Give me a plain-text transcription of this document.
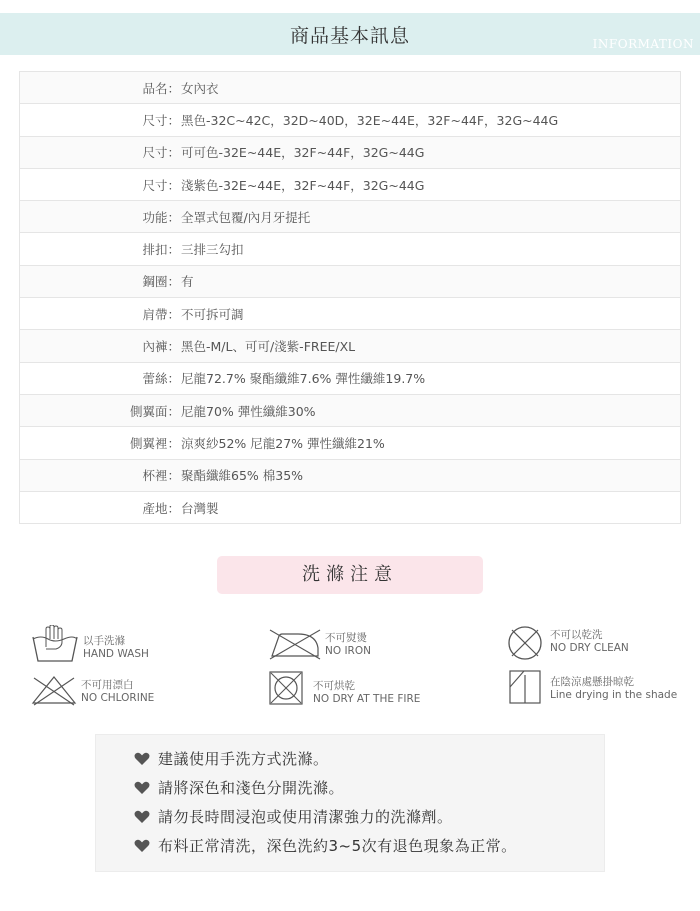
商品基本訊息	INFORMATION
品名： 女內衣
尺寸： 黑色-32C~42C，32D~40D，32E~44E，32F~44F，32G~44G
尺寸： 可可色-32E~44E，32F~44F，32G~44G
尺寸： 淺紫色-32E~44E，32F~44F，32G~44G
功能： 全罩式包覆/內月牙提托
排扣： 三排三勾扣
鋼圈： 有
肩帶： 不可拆可調
內褲： 黑色-M/L、可可/淺紫-FREE/XL
蕾絲： 尼龍72.7% 聚酯纖維7.6% 彈性纖維19.7%
側翼面： 尼龍70% 彈性纖維30%
側翼裡： 涼爽紗52% 尼龍27% 彈性纖維21%
杯裡： 聚酯纖維65% 棉35%
產地： 台灣製
洗滌注意
以手洗滌
HAND WASH
不可熨燙
NO IRON
不可以乾洗
NO DRY CLEAN
不可用漂白
NO CHLORINE
不可烘乾
NO DRY AT THE FIRE
在陰涼處懸掛晾乾
Line drying in the shade
建議使用手洗方式洗滌。
請將深色和淺色分開洗滌。
請勿長時間浸泡或使用清潔強力的洗滌劑。
布料正常清洗，深色洗約3~5次有退色現象為正常。
